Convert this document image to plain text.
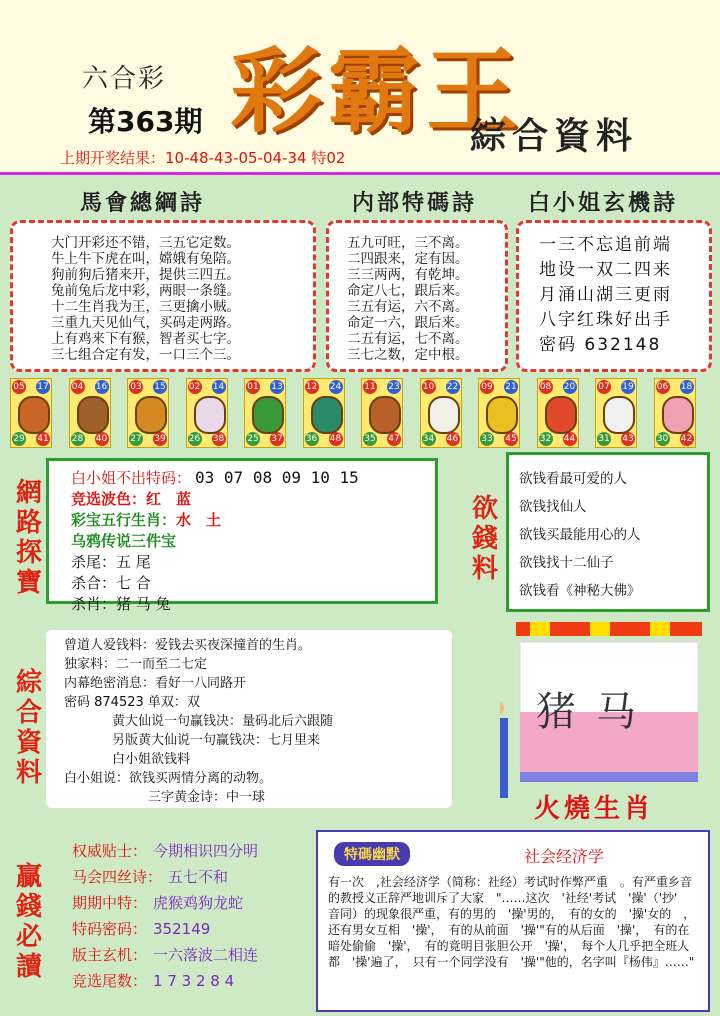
六合彩 彩霸王
第363期	綜合資料
上期开奖结果：10-48-43-05-04-34 特02
馬會總綱詩	内部特碼詩 白小姐玄機詩
大门开彩还不错，三五它定数。
牛上牛下虎在叫，嫦娥有兔陪。
狗前狗后猪来开，提供三四五。
兔前兔后龙中彩，两眼一条缝。
十二生肖我为王，三更擒小贼。
三重九天见仙气，买码走两路。
上有鸡来下有猴，智者买七字。
三七组合定有发，一口三个三。
五九可旺，三不离。
二四跟来，定有因。
三三两两，有乾坤。
命定八七，跟后来。
三五有运，六不离。
命定一六，跟后来。
二五有运，七不离。
三七之数，定中根。
一三不忘追前端
地设一双二四来
月涌山湖三更雨
八字红珠好出手
密码 632148
05 17
29 41
04 16
28 40
03 15
27 39
02 14
26 38
01 13
25 37
12 24
36 48
11 23
35 47
10 22
34 46
09 21
33 45
08 20
32 44
07 19
31 43
06 18
30 42
網路探寶
白小姐不出特码： 03 07 08 09 10 15
竞选波色：红　蓝
彩宝五行生肖：水　土
乌鸦传说三件宝
杀尾：五 尾
杀合：七 合
杀肖：猪 马 兔
欲錢料
欲钱看最可爱的人
欲钱找仙人
欲钱买最能用心的人
欲钱找十二仙子
欲钱看《神秘大佛》
綜合資料
曾道人爱钱料：爱钱去买夜深撞首的生肖。
独家料：二一而至二七定
内幕绝密消息：看好一八同路开
密码 874523 单双：双
黄大仙说一句赢钱决：量码北后六跟随
另版黄大仙说一句赢钱决：七月里来
白小姐欲钱料
白小姐说：欲钱买两情分离的动物。
三字黄金诗：中一球
猪马
火燒生肖
贏錢必讀
权威贴士： 今期相识四分明
马会四丝诗： 五七不和
期期中特： 虎猴鸡狗龙蛇
特码密码： 352149
版主玄机： 一六落波二相连
竞选尾数： 1 7 3 2 8 4
特碼幽默	社会经济学
有一次　,社会经济学（简称：社经）考试时作弊严重　。有严重乡音的教授义正辞严地训斥了大家　"……这次　'社经'考试　'操'（'抄'　音同）的现象很严重，有的男的　'操'男的，　有的女的　'操'女的　，还有男女互相　'操'，　有的从前面　'操'"有的从后面　'操'，　有的在暗处偷偷　'操'，　有的竟明目张胆公开　'操'，　每个人几乎把全班人都　'操'遍了，　只有一个同学没有　'操'"他的，名字叫『杨伟』……"
